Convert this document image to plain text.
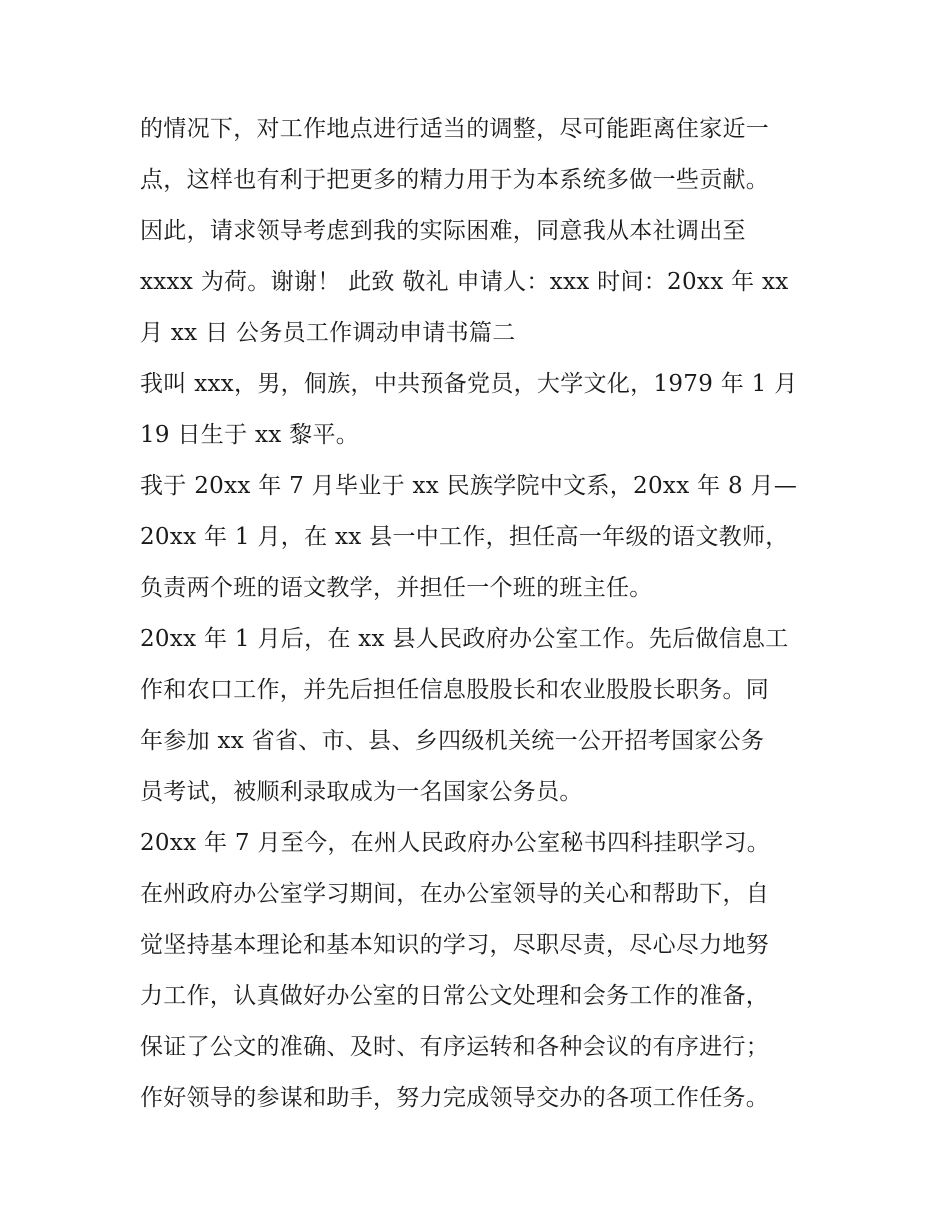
的情况下，对工作地点进行适当的调整，尽可能距离住家近一
点，这样也有利于把更多的精力用于为本系统多做一些贡献。
因此，请求领导考虑到我的实际困难，同意我从本社调出至
xxxx 为荷。谢谢！ 此致 敬礼 申请人：xxx 时间：20xx 年 xx
月 xx 日 公务员工作调动申请书篇二
我叫 xxx，男，侗族，中共预备党员，大学文化，1979 年 1 月
19 日生于 xx 黎平。
我于 20xx 年 7 月毕业于 xx 民族学院中文系，20xx 年 8 月—
20xx 年 1 月，在 xx 县一中工作，担任高一年级的语文教师，
负责两个班的语文教学，并担任一个班的班主任。
20xx 年 1 月后，在 xx 县人民政府办公室工作。先后做信息工
作和农口工作，并先后担任信息股股长和农业股股长职务。同
年参加 xx 省省、市、县、乡四级机关统一公开招考国家公务
员考试，被顺利录取成为一名国家公务员。
20xx 年 7 月至今，在州人民政府办公室秘书四科挂职学习。
在州政府办公室学习期间，在办公室领导的关心和帮助下，自
觉坚持基本理论和基本知识的学习，尽职尽责，尽心尽力地努
力工作，认真做好办公室的日常公文处理和会务工作的准备，
保证了公文的准确、及时、有序运转和各种会议的有序进行；
作好领导的参谋和助手，努力完成领导交办的各项工作任务。
